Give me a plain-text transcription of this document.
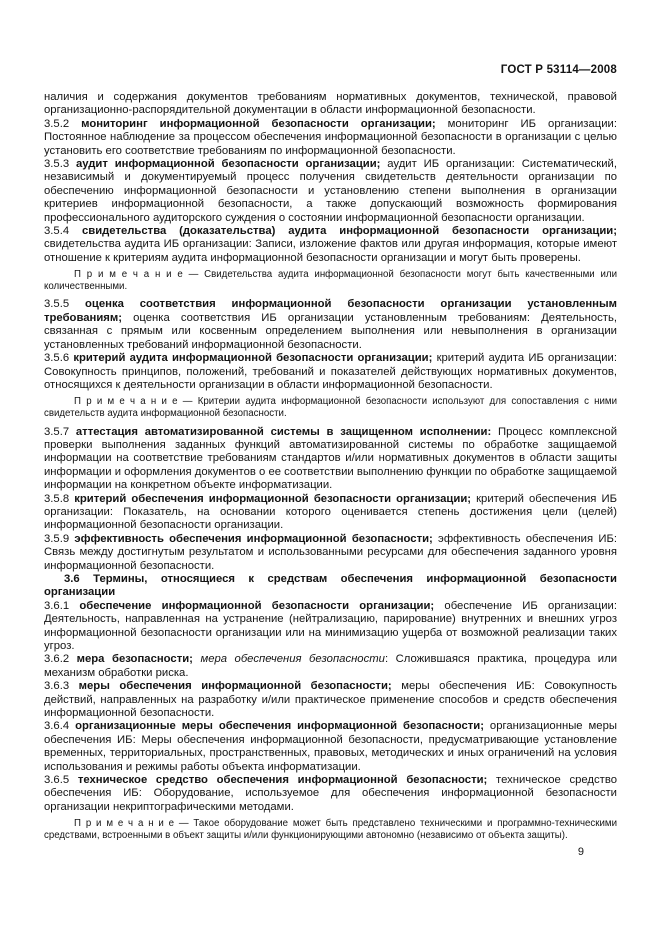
ГОСТ Р 53114—2008

наличия и содержания документов требованиям нормативных документов, технической, правовой организационно-распорядительной документации в области информационной безопасности.

3.5.2 мониторинг информационной безопасности организации; мониторинг ИБ организации: Постоянное наблюдение за процессом обеспечения информационной безопасности в организации с целью установить его соответствие требованиям по информационной безопасности.

3.5.3 аудит информационной безопасности организации; аудит ИБ организации: Систематический, независимый и документируемый процесс получения свидетельств деятельности организации по обеспечению информационной безопасности и установлению степени выполнения в организации критериев информационной безопасности, а также допускающий возможность формирования профессионального аудиторского суждения о состоянии информационной безопасности организации.

3.5.4 свидетельства (доказательства) аудита информационной безопасности организации; свидетельства аудита ИБ организации: Записи, изложение фактов или другая информация, которые имеют отношение к критериям аудита информационной безопасности организации и могут быть проверены.

П р и м е ч а н и е — Свидетельства аудита информационной безопасности могут быть качественными или количественными.

3.5.5 оценка соответствия информационной безопасности организации установленным требованиям; оценка соответствия ИБ организации установленным требованиям: Деятельность, связанная с прямым или косвенным определением выполнения или невыполнения в организации установленных требований информационной безопасности.

3.5.6 критерий аудита информационной безопасности организации; критерий аудита ИБ организации: Совокупность принципов, положений, требований и показателей действующих нормативных документов, относящихся к деятельности организации в области информационной безопасности.

П р и м е ч а н и е — Критерии аудита информационной безопасности используют для сопоставления с ними свидетельств аудита информационной безопасности.

3.5.7 аттестация автоматизированной системы в защищенном исполнении: Процесс комплексной проверки выполнения заданных функций автоматизированной системы по обработке защищаемой информации на соответствие требованиям стандартов и/или нормативных документов в области защиты информации и оформления документов о ее соответствии выполнению функции по обработке защищаемой информации на конкретном объекте информатизации.

3.5.8 критерий обеспечения информационной безопасности организации; критерий обеспечения ИБ организации: Показатель, на основании которого оценивается степень достижения цели (целей) информационной безопасности организации.

3.5.9 эффективность обеспечения информационной безопасности; эффективность обеспечения ИБ: Связь между достигнутым результатом и использованными ресурсами для обеспечения заданного уровня информационной безопасности.

3.6 Термины, относящиеся к средствам обеспечения информационной безопасности организации

3.6.1 обеспечение информационной безопасности организации; обеспечение ИБ организации: Деятельность, направленная на устранение (нейтрализацию, парирование) внутренних и внешних угроз информационной безопасности организации или на минимизацию ущерба от возможной реализации таких угроз.

3.6.2 мера безопасности; мера обеспечения безопасности: Сложившаяся практика, процедура или механизм обработки риска.

3.6.3 меры обеспечения информационной безопасности; меры обеспечения ИБ: Совокупность действий, направленных на разработку и/или практическое применение способов и средств обеспечения информационной безопасности.

3.6.4 организационные меры обеспечения информационной безопасности; организационные меры обеспечения ИБ: Меры обеспечения информационной безопасности, предусматривающие установление временных, территориальных, пространственных, правовых, методических и иных ограничений на условия использования и режимы работы объекта информатизации.

3.6.5 техническое средство обеспечения информационной безопасности; техническое средство обеспечения ИБ: Оборудование, используемое для обеспечения информационной безопасности организации некриптографическими методами.

П р и м е ч а н и е — Такое оборудование может быть представлено техническими и программно-техническими средствами, встроенными в объект защиты и/или функционирующими автономно (независимо от объекта защиты).

9
